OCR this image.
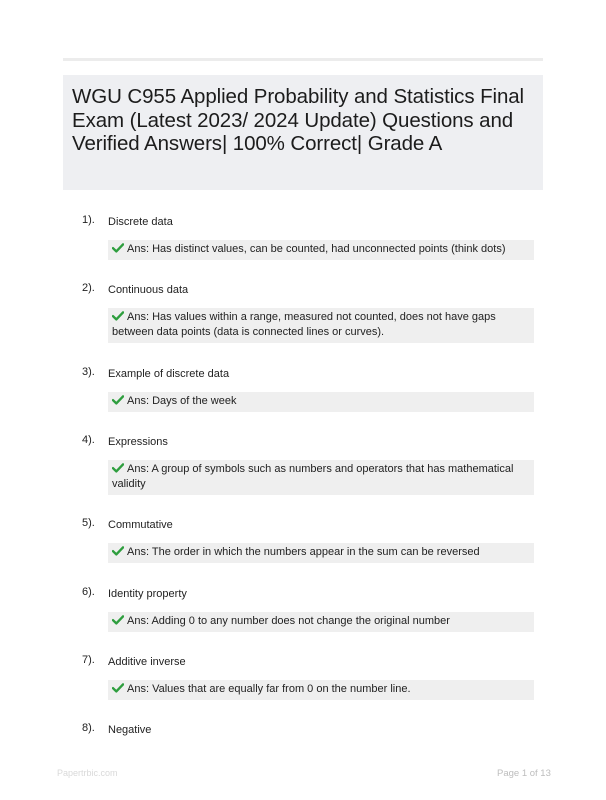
WGU C955 Applied Probability and Statistics Final Exam (Latest 2023/ 2024 Update) Questions and Verified Answers| 100% Correct| Grade A
1). Discrete data
Ans: Has distinct values, can be counted, had unconnected points (think dots)
2). Continuous data
Ans: Has values within a range, measured not counted, does not have gaps between data points (data is connected lines or curves).
3). Example of discrete data
Ans: Days of the week
4). Expressions
Ans: A group of symbols such as numbers and operators that has mathematical validity
5). Commutative
Ans: The order in which the numbers appear in the sum can be reversed
6). Identity property
Ans: Adding 0 to any number does not change the original number
7). Additive inverse
Ans: Values that are equally far from 0 on the number line.
8). Negative
Papertrbic.com	Page 1 of 13
